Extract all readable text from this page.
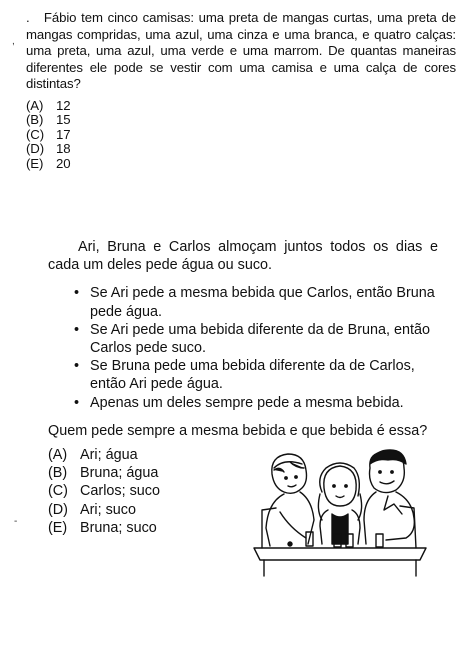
,
-

. Fábio tem cinco camisas: uma preta de mangas curtas, uma preta de mangas compridas, uma azul, uma cinza e uma branca, e quatro calças: uma preta, uma azul, uma verde e uma marrom. De quantas maneiras diferentes ele pode se vestir com uma camisa e uma calça de cores distintas?

(A) 12
(B) 15
(C) 17
(D) 18
(E) 20

Ari, Bruna e Carlos almoçam juntos todos os dias e cada um deles pede água ou suco.

• Se Ari pede a mesma bebida que Carlos, então Bruna pede água.
• Se Ari pede uma bebida diferente da de Bruna, então Carlos pede suco.
• Se Bruna pede uma bebida diferente da de Carlos, então Ari pede água.
• Apenas um deles sempre pede a mesma bebida.

Quem pede sempre a mesma bebida e que bebida é essa?

(A) Ari; água
(B) Bruna; água
(C) Carlos; suco
(D) Ari; suco
(E) Bruna; suco
